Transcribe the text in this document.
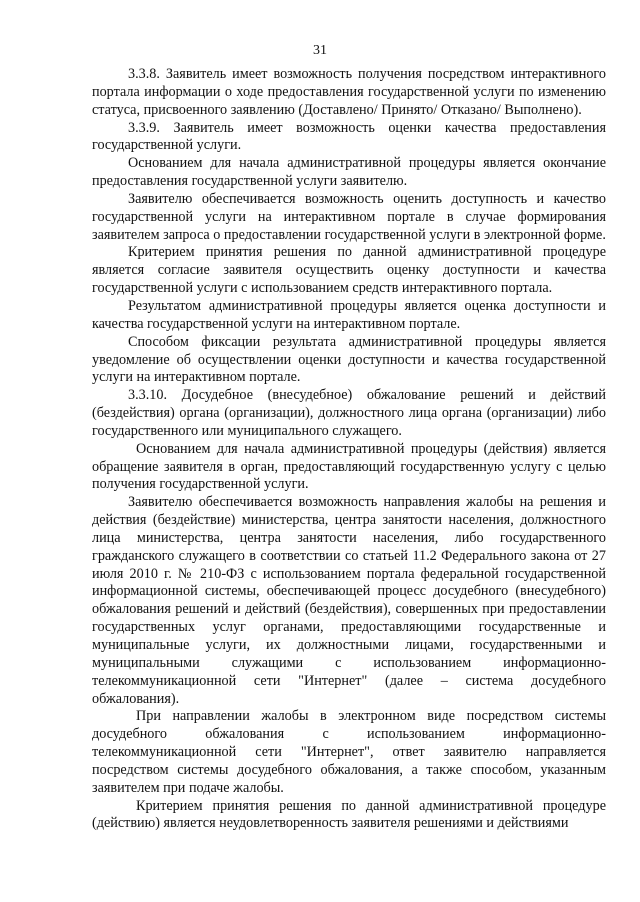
31

3.3.8. Заявитель имеет возможность получения посредством интерактивного портала информации о ходе предоставления государственной услуги по изменению статуса, присвоенного заявлению (Доставлено/ Принято/ Отказано/ Выполнено).

3.3.9. Заявитель имеет возможность оценки качества предоставления государственной услуги.

Основанием для начала административной процедуры является окончание предоставления государственной услуги заявителю.

Заявителю обеспечивается возможность оценить доступность и качество государственной услуги на интерактивном портале в случае формирования заявителем запроса о предоставлении государственной услуги в электронной форме.

Критерием принятия решения по данной административной процедуре является согласие заявителя осуществить оценку доступности и качества государственной услуги с использованием средств интерактивного портала.

Результатом административной процедуры является оценка доступности и качества государственной услуги на интерактивном портале.

Способом фиксации результата административной процедуры является уведомление об осуществлении оценки доступности и качества государственной услуги на интерактивном портале.

3.3.10. Досудебное (внесудебное) обжалование решений и действий (бездействия) органа (организации), должностного лица органа (организации) либо государственного или муниципального служащего.

Основанием для начала административной процедуры (действия) является обращение заявителя в орган, предоставляющий государственную услугу с целью получения государственной услуги.

Заявителю обеспечивается возможность направления жалобы на решения и действия (бездействие) министерства, центра занятости населения, должностного лица министерства, центра занятости населения, либо государственного гражданского служащего в соответствии со статьей 11.2 Федерального закона от 27 июля 2010 г. № 210-ФЗ с использованием портала федеральной государственной информационной системы, обеспечивающей процесс досудебного (внесудебного) обжалования решений и действий (бездействия), совершенных при предоставлении государственных услуг органами, предоставляющими государственные и муниципальные услуги, их должностными лицами, государственными и муниципальными служащими с использованием информационно-телекоммуникационной сети "Интернет" (далее – система досудебного обжалования).

При направлении жалобы в электронном виде посредством системы досудебного обжалования с использованием информационно-телекоммуникационной сети "Интернет", ответ заявителю направляется посредством системы досудебного обжалования, а также способом, указанным заявителем при подаче жалобы.

Критерием принятия решения по данной административной процедуре (действию) является неудовлетворенность заявителя решениями и действиями
